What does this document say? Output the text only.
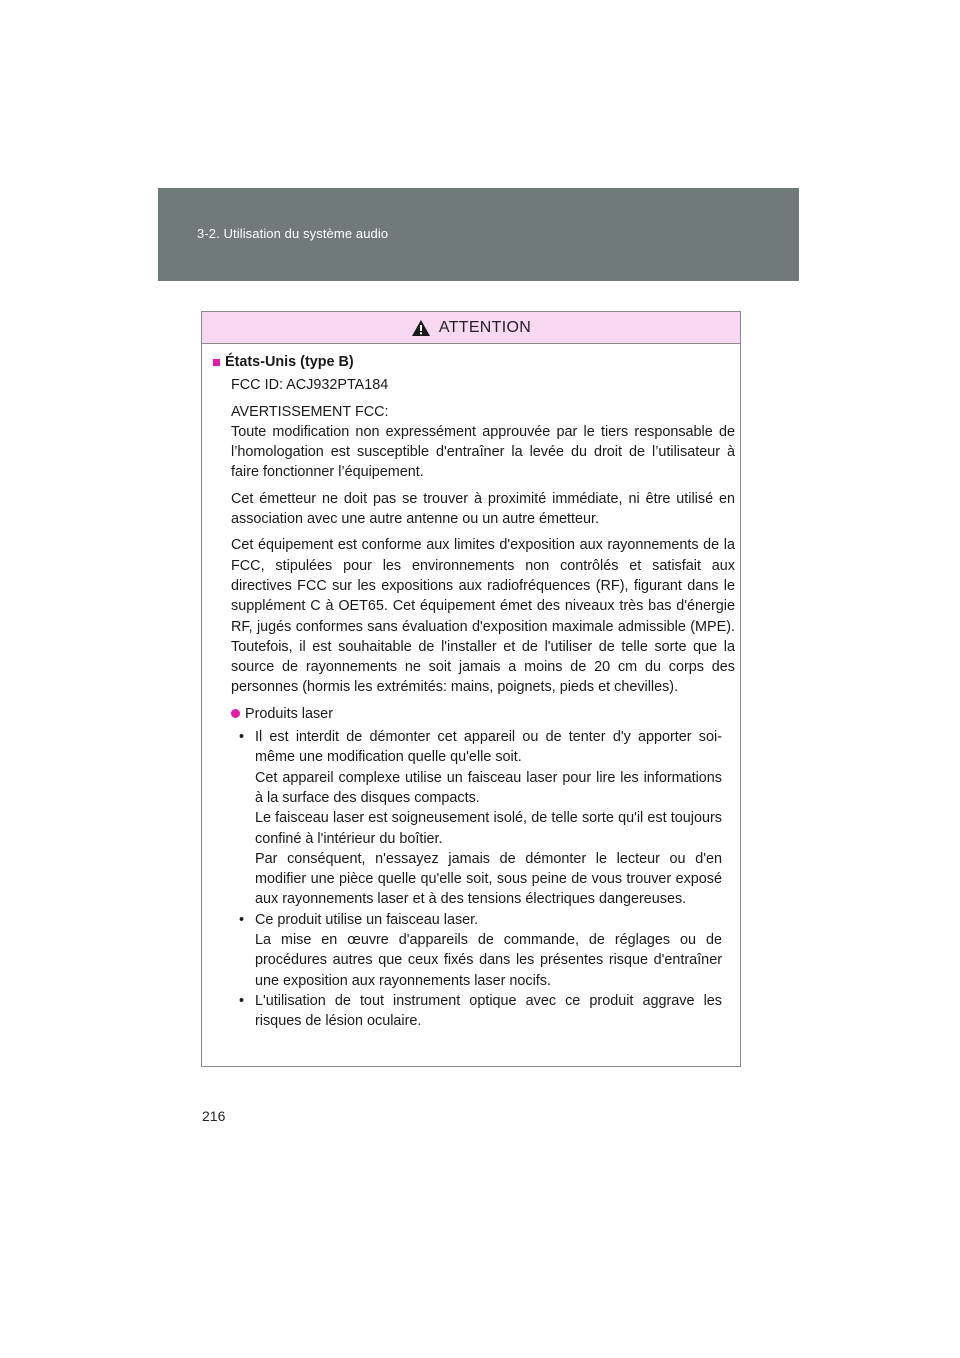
3-2. Utilisation du système audio
ATTENTION
États-Unis (type B)
FCC ID: ACJ932PTA184
AVERTISSEMENT FCC:
Toute modification non expressément approuvée par le tiers responsable de l’homologation est susceptible d'entraîner la levée du droit de l’utilisateur à faire fonctionner l’équipement.
Cet émetteur ne doit pas se trouver à proximité immédiate, ni être utilisé en association avec une autre antenne ou un autre émetteur.
Cet équipement est conforme aux limites d'exposition aux rayonnements de la FCC, stipulées pour les environnements non contrôlés et satisfait aux directives FCC sur les expositions aux radiofréquences (RF), figurant dans le supplément C à OET65. Cet équipement émet des niveaux très bas d'énergie RF, jugés conformes sans évaluation d'exposition maximale admissible (MPE). Toutefois, il est souhaitable de l'installer et de l'utiliser de telle sorte que la source de rayonnements ne soit jamais a moins de 20 cm du corps des personnes (hormis les extrémités: mains, poignets, pieds et chevilles).
Produits laser
• Il est interdit de démonter cet appareil ou de tenter d'y apporter soi-même une modification quelle qu'elle soit.
Cet appareil complexe utilise un faisceau laser pour lire les informations à la surface des disques compacts.
Le faisceau laser est soigneusement isolé, de telle sorte qu'il est toujours confiné à l'intérieur du boîtier.
Par conséquent, n'essayez jamais de démonter le lecteur ou d'en modifier une pièce quelle qu'elle soit, sous peine de vous trouver exposé aux rayonnements laser et à des tensions électriques dangereuses.
• Ce produit utilise un faisceau laser.
La mise en œuvre d'appareils de commande, de réglages ou de procédures autres que ceux fixés dans les présentes risque d'entraîner une exposition aux rayonnements laser nocifs.
• L'utilisation de tout instrument optique avec ce produit aggrave les risques de lésion oculaire.
216
